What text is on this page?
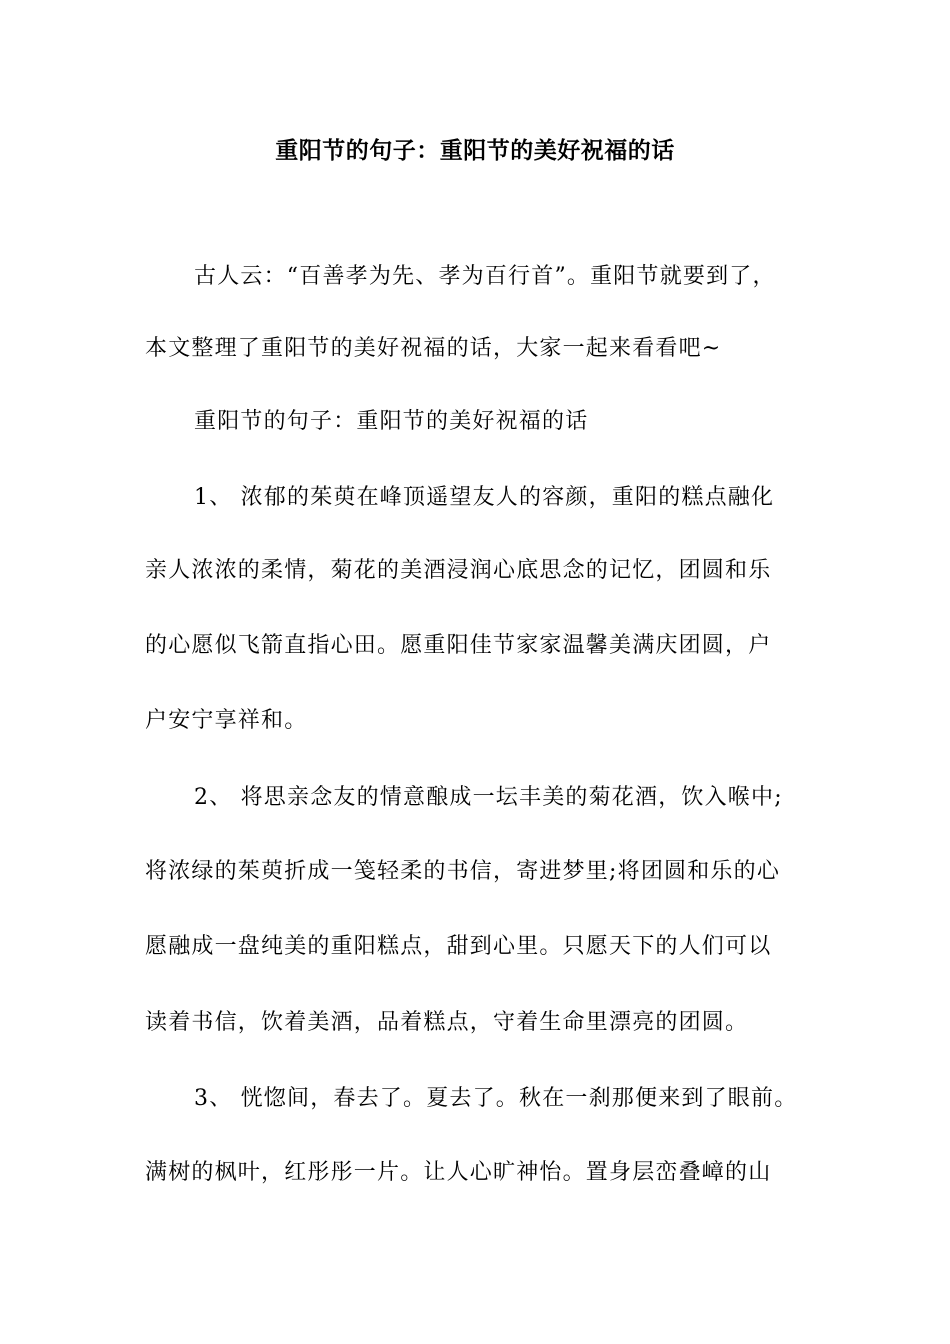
重阳节的句子：重阳节的美好祝福的话
古人云：“百善孝为先、孝为百行首”。重阳节就要到了，
本文整理了重阳节的美好祝福的话，大家一起来看看吧~
重阳节的句子：重阳节的美好祝福的话
1、 浓郁的茱萸在峰顶遥望友人的容颜，重阳的糕点融化
亲人浓浓的柔情，菊花的美酒浸润心底思念的记忆，团圆和乐
的心愿似飞箭直指心田。愿重阳佳节家家温馨美满庆团圆，户
户安宁享祥和。
2、 将思亲念友的情意酿成一坛丰美的菊花酒，饮入喉中;
将浓绿的茱萸折成一笺轻柔的书信，寄进梦里;将团圆和乐的心
愿融成一盘纯美的重阳糕点，甜到心里。只愿天下的人们可以
读着书信，饮着美酒，品着糕点，守着生命里漂亮的团圆。
3、 恍惚间，春去了。夏去了。秋在一刹那便来到了眼前。
满树的枫叶，红彤彤一片。让人心旷神怡。置身层峦叠嶂的山
